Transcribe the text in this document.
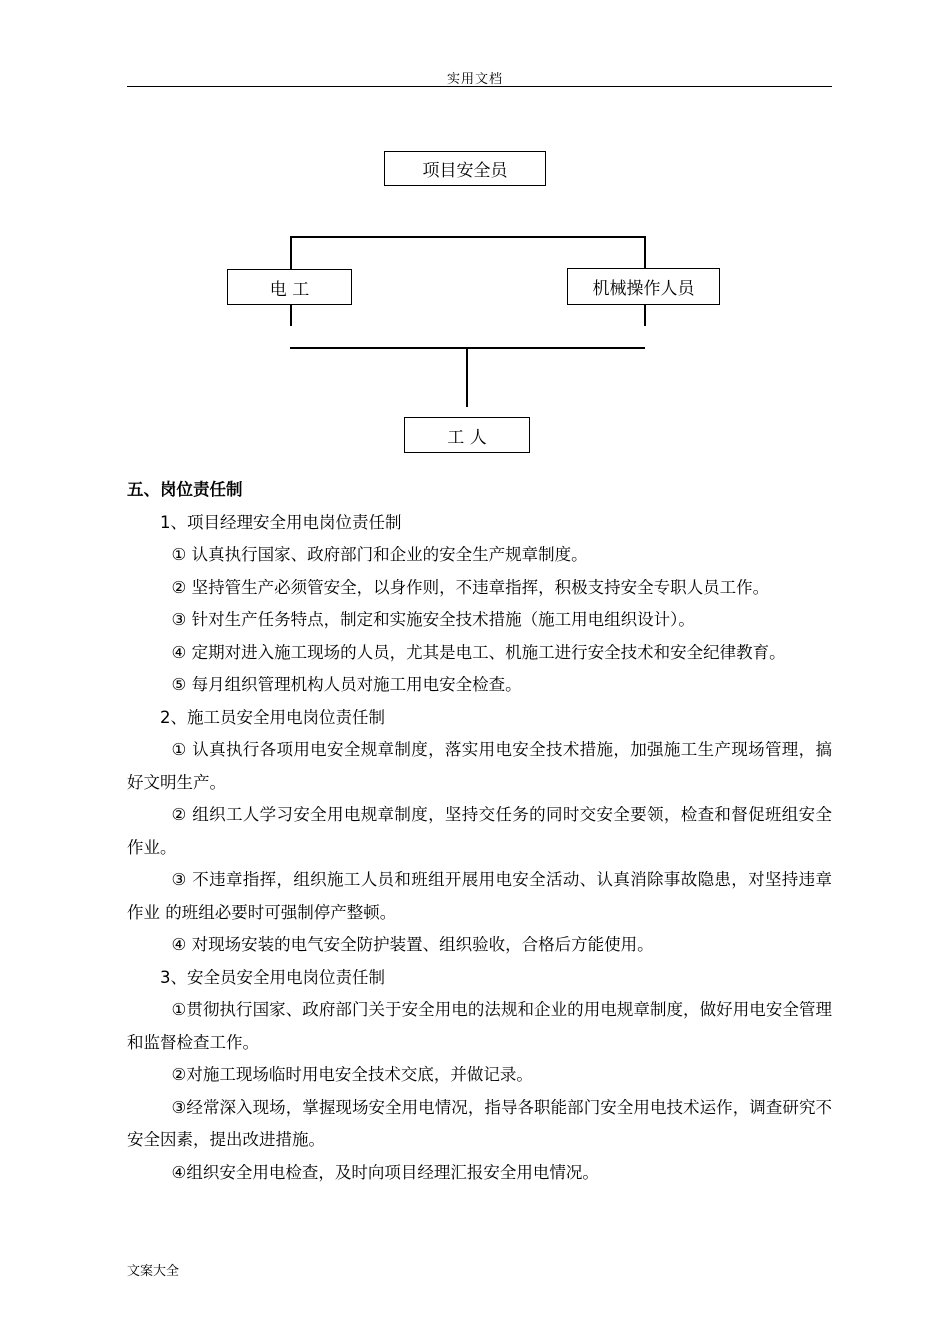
实用文档
项目安全员
电 工	机械操作人员
工 人

五、岗位责任制

1、项目经理安全用电岗位责任制

① 认真执行国家、政府部门和企业的安全生产规章制度。

② 坚持管生产必须管安全，以身作则，不违章指挥，积极支持安全专职人员工作。

③ 针对生产任务特点，制定和实施安全技术措施（施工用电组织设计）。

④ 定期对进入施工现场的人员，尤其是电工、机施工进行安全技术和安全纪律教育。

⑤ 每月组织管理机构人员对施工用电安全检查。

2、施工员安全用电岗位责任制

① 认真执行各项用电安全规章制度，落实用电安全技术措施，加强施工生产现场管理，搞好文明生产。

② 组织工人学习安全用电规章制度，坚持交任务的同时交安全要领，检查和督促班组安全作业。

③ 不违章指挥，组织施工人员和班组开展用电安全活动、认真消除事故隐患，对坚持违章作业 的班组必要时可强制停产整顿。

④ 对现场安装的电气安全防护装置、组织验收，合格后方能使用。

3、安全员安全用电岗位责任制

①贯彻执行国家、政府部门关于安全用电的法规和企业的用电规章制度，做好用电安全管理和监督检查工作。

②对施工现场临时用电安全技术交底，并做记录。

③经常深入现场，掌握现场安全用电情况，指导各职能部门安全用电技术运作，调查研究不安全因素，提出改进措施。

④组织安全用电检查，及时向项目经理汇报安全用电情况。

文案大全
